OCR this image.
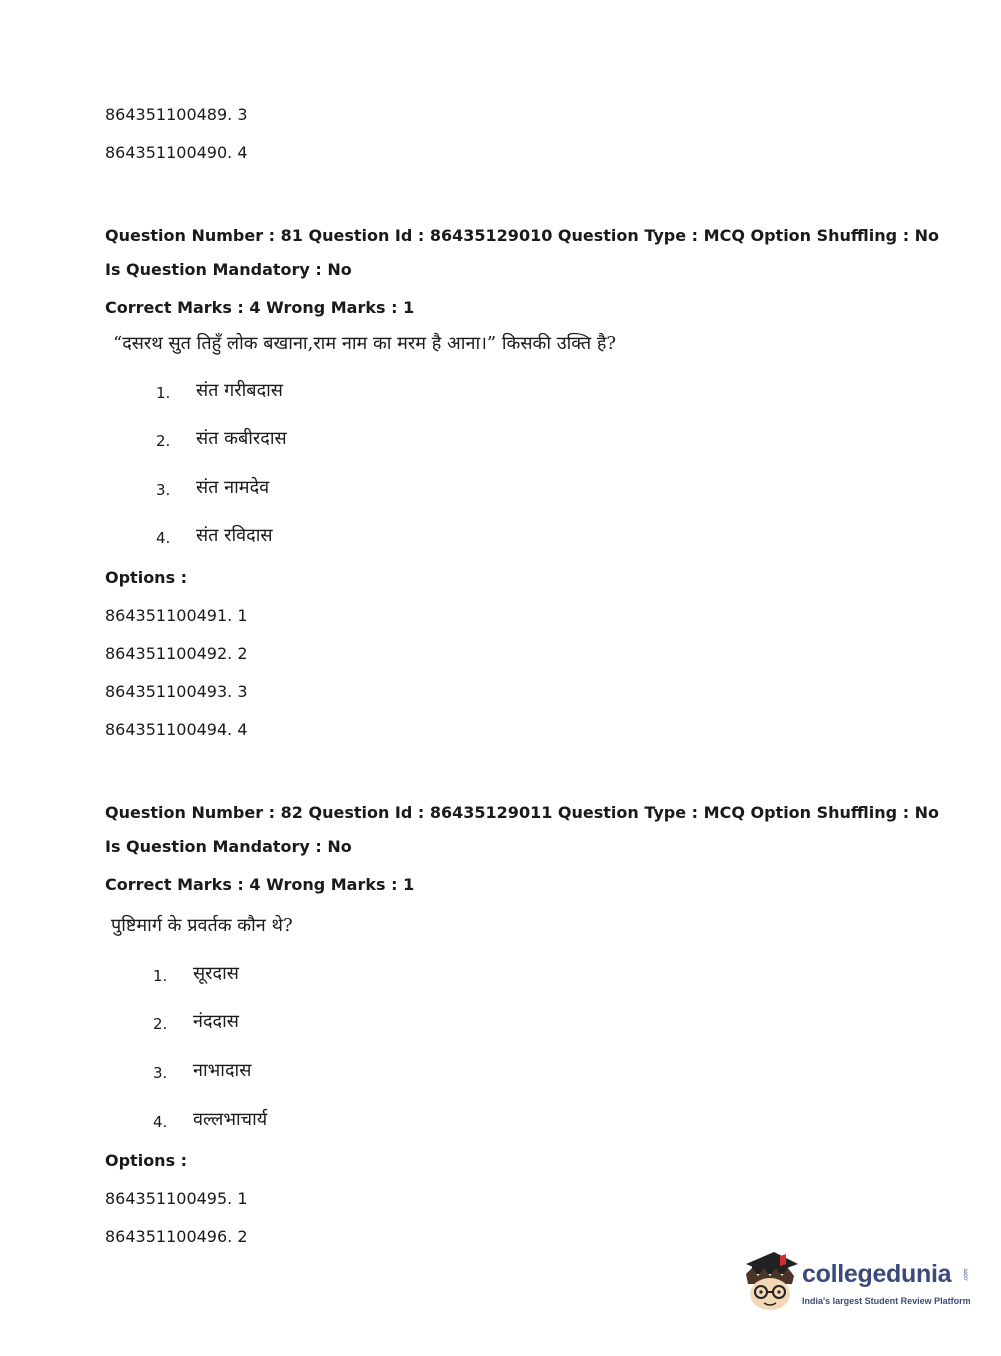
864351100489. 3
864351100490. 4
Question Number : 81 Question Id : 86435129010 Question Type : MCQ Option Shuffling : No
Is Question Mandatory : No
Correct Marks : 4 Wrong Marks : 1
“दसरथ सुत तिहुँ लोक बखाना,राम नाम का मरम है आना।” किसकी उक्ति है?
1. संत गरीबदास
2. संत कबीरदास
3. संत नामदेव
4. संत रविदास
Options :
864351100491. 1
864351100492. 2
864351100493. 3
864351100494. 4
Question Number : 82 Question Id : 86435129011 Question Type : MCQ Option Shuffling : No
Is Question Mandatory : No
Correct Marks : 4 Wrong Marks : 1
पुष्टिमार्ग के प्रवर्तक कौन थे?
1. सूरदास
2. नंददास
3. नाभादास
4. वल्लभाचार्य
Options :
864351100495. 1
864351100496. 2
collegedunia .com
India's largest Student Review Platform
